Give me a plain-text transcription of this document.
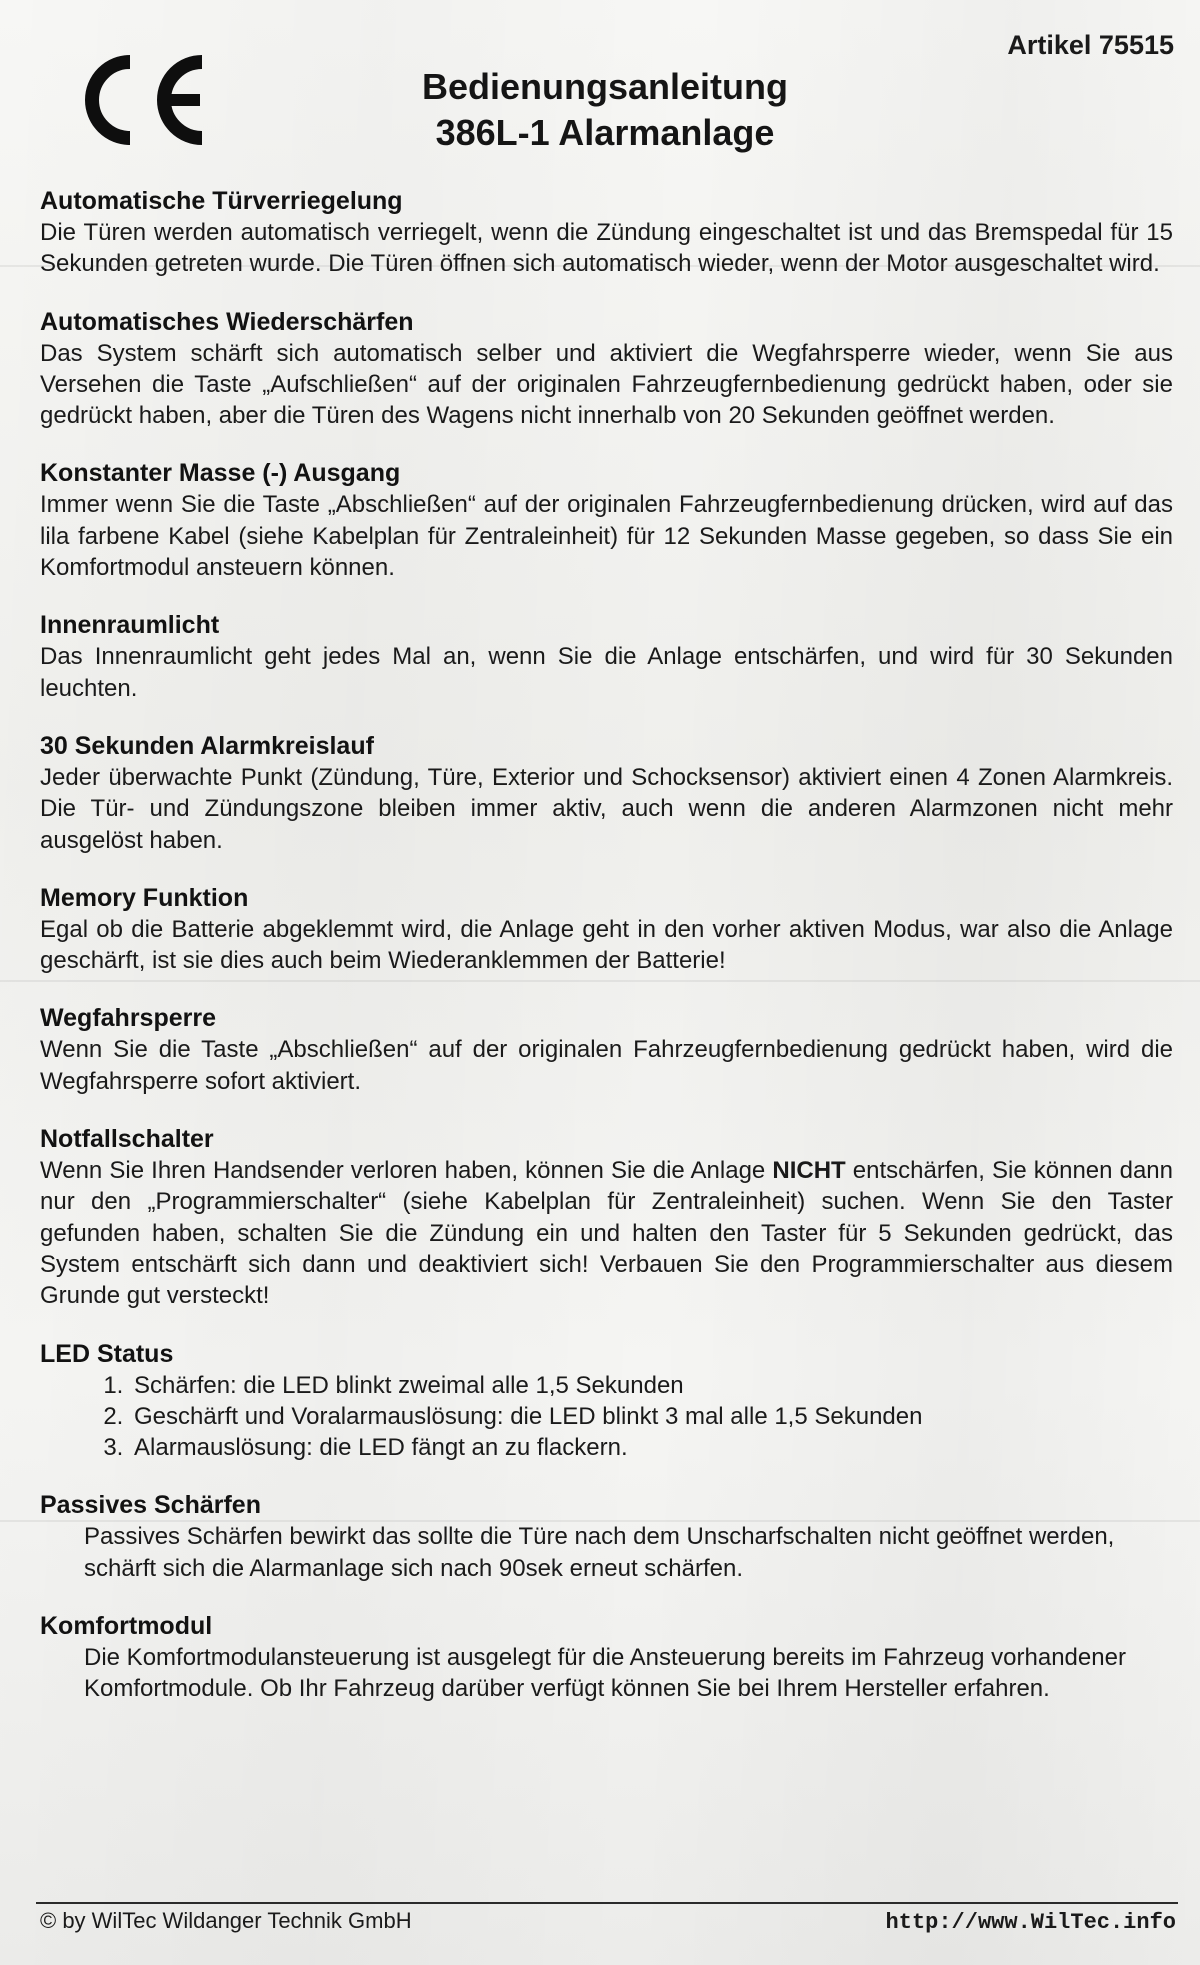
Artikel 75515
Bedienungsanleitung
386L-1 Alarmanlage
Automatische Türverriegelung

Die Türen werden automatisch verriegelt, wenn die Zündung eingeschaltet ist und das Bremspedal für 15 Sekunden getreten wurde. Die Türen öffnen sich automatisch wieder, wenn der Motor ausgeschaltet wird.

Automatisches Wiederschärfen

Das System schärft sich automatisch selber und aktiviert die Wegfahrsperre wieder, wenn Sie aus Versehen die Taste „Aufschließen“ auf der originalen Fahrzeugfernbedienung gedrückt haben, oder sie gedrückt haben, aber die Türen des Wagens nicht innerhalb von 20 Sekunden geöffnet werden.

Konstanter Masse (-) Ausgang

Immer wenn Sie die Taste „Abschließen“ auf der originalen Fahrzeugfernbedienung drücken, wird auf das lila farbene Kabel (siehe Kabelplan für Zentraleinheit) für 12 Sekunden Masse gegeben, so dass Sie ein Komfortmodul ansteuern können.

Innenraumlicht

Das Innenraumlicht geht jedes Mal an, wenn Sie die Anlage entschärfen, und wird für 30 Sekunden leuchten.

30 Sekunden Alarmkreislauf

Jeder überwachte Punkt (Zündung, Türe, Exterior und Schocksensor) aktiviert einen 4 Zonen Alarmkreis. Die Tür- und Zündungszone bleiben immer aktiv, auch wenn die anderen Alarmzonen nicht mehr ausgelöst haben.

Memory Funktion

Egal ob die Batterie abgeklemmt wird, die Anlage geht in den vorher aktiven Modus, war also die Anlage geschärft, ist sie dies auch beim Wiederanklemmen der Batterie!

Wegfahrsperre

Wenn Sie die Taste „Abschließen“ auf der originalen Fahrzeugfernbedienung gedrückt haben, wird die Wegfahrsperre sofort aktiviert.

Notfallschalter

Wenn Sie Ihren Handsender verloren haben, können Sie die Anlage NICHT entschärfen, Sie können dann nur den „Programmierschalter“ (siehe Kabelplan für Zentraleinheit) suchen. Wenn Sie den Taster gefunden haben, schalten Sie die Zündung ein und halten den Taster für 5 Sekunden gedrückt, das System entschärft sich dann und deaktiviert sich! Verbauen Sie den Programmierschalter aus diesem Grunde gut versteckt!

LED Status
1. Schärfen: die LED blinkt zweimal alle 1,5 Sekunden
2. Geschärft und Voralarmauslösung: die LED blinkt 3 mal alle 1,5 Sekunden
3. Alarmauslösung: die LED fängt an zu flackern.
Passives Schärfen

Passives Schärfen bewirkt das sollte die Türe nach dem Unscharfschalten nicht geöffnet werden, schärft sich die Alarmanlage sich nach 90sek erneut schärfen.

Komfortmodul

Die Komfortmodulansteuerung ist ausgelegt für die Ansteuerung bereits im Fahrzeug vorhandener Komfortmodule. Ob Ihr Fahrzeug darüber verfügt können Sie bei Ihrem Hersteller erfahren.

© by WilTec Wildanger Technik GmbH	http://www.WilTec.info
